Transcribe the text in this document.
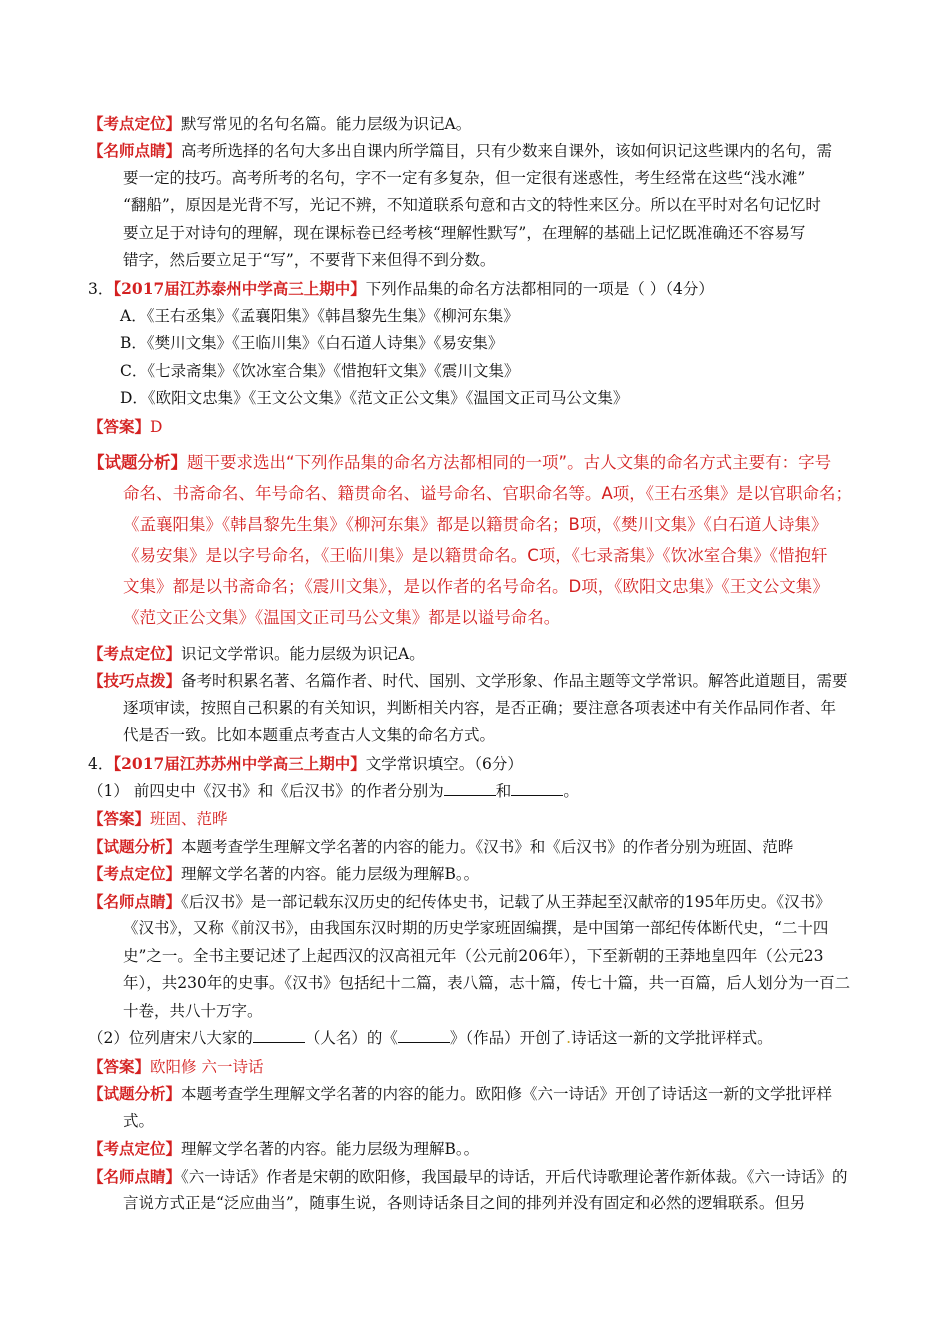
【考点定位】默写常见的名句名篇。能力层级为识记A。
【名师点睛】高考所选择的名句大多出自课内所学篇目，只有少数来自课外，该如何识记这些课内的名句，需
要一定的技巧。高考所考的名句，字不一定有多复杂，但一定很有迷惑性，考生经常在这些“浅水滩”
“翻船”，原因是光背不写，光记不辨，不知道联系句意和古文的特性来区分。所以在平时对名句记忆时
要立足于对诗句的理解，现在课标卷已经考核“理解性默写”，在理解的基础上记忆既准确还不容易写
错字，然后要立足于“写”，不要背下来但得不到分数。
3．【2017届江苏泰州中学高三上期中】下列作品集的命名方法都相同的一项是（ ）（4分）
A．《王右丞集》《孟襄阳集》《韩昌黎先生集》《柳河东集》
B．《樊川文集》《王临川集》《白石道人诗集》《易安集》
C．《七录斋集》《饮冰室合集》《惜抱轩文集》《震川文集》
D．《欧阳文忠集》《王文公文集》《范文正公文集》《温国文正司马公文集》
【答案】D
【试题分析】题干要求选出“下列作品集的命名方法都相同的一项”。古人文集的命名方式主要有：字号
命名、书斋命名、年号命名、籍贯命名、谥号命名、官职命名等。A项，《王右丞集》是以官职命名；
《孟襄阳集》《韩昌黎先生集》《柳河东集》都是以籍贯命名；B项，《樊川文集》《白石道人诗集》
《易安集》是以字号命名，《王临川集》是以籍贯命名。C项，《七录斋集》《饮冰室合集》《惜抱轩
文集》都是以书斋命名；《震川文集》，是以作者的名号命名。D项，《欧阳文忠集》《王文公文集》
《范文正公文集》《温国文正司马公文集》都是以谥号命名。
【考点定位】识记文学常识。能力层级为识记A。
【技巧点拨】备考时积累名著、名篇作者、时代、国别、文学形象、作品主题等文学常识。解答此道题目，需要
逐项审读，按照自己积累的有关知识，判断相关内容，是否正确；要注意各项表述中有关作品同作者、年
代是否一致。比如本题重点考查古人文集的命名方式。
4．【2017届江苏苏州中学高三上期中】文学常识填空。（6分）
（1） 前四史中《汉书》和《后汉书》的作者分别为	和	。
【答案】班固、范晔
【试题分析】本题考查学生理解文学名著的内容的能力。《汉书》和《后汉书》的作者分别为班固、范晔
【考点定位】理解文学名著的内容。能力层级为理解B。。
【名师点睛】《后汉书》是一部记载东汉历史的纪传体史书，记载了从王莽起至汉献帝的195年历史。《汉书》
《汉书》，又称《前汉书》，由我国东汉时期的历史学家班固编撰，是中国第一部纪传体断代史，“二十四
史”之一。全书主要记述了上起西汉的汉高祖元年（公元前206年），下至新朝的王莽地皇四年（公元23
年），共230年的史事。《汉书》包括纪十二篇，表八篇，志十篇，传七十篇，共一百篇，后人划分为一百二
十卷，共八十万字。
（2）位列唐宋八大家的	（人名）的《	》（作品）开创了.诗话这一新的文学批评样式。
【答案】欧阳修 六一诗话
【试题分析】本题考查学生理解文学名著的内容的能力。欧阳修《六一诗话》开创了诗话这一新的文学批评样
式。
【考点定位】理解文学名著的内容。能力层级为理解B。。
【名师点睛】《六一诗话》作者是宋朝的欧阳修，我国最早的诗话，开后代诗歌理论著作新体裁。《六一诗话》的
言说方式正是“泛应曲当”，随事生说，各则诗话条目之间的排列并没有固定和必然的逻辑联系。但另
